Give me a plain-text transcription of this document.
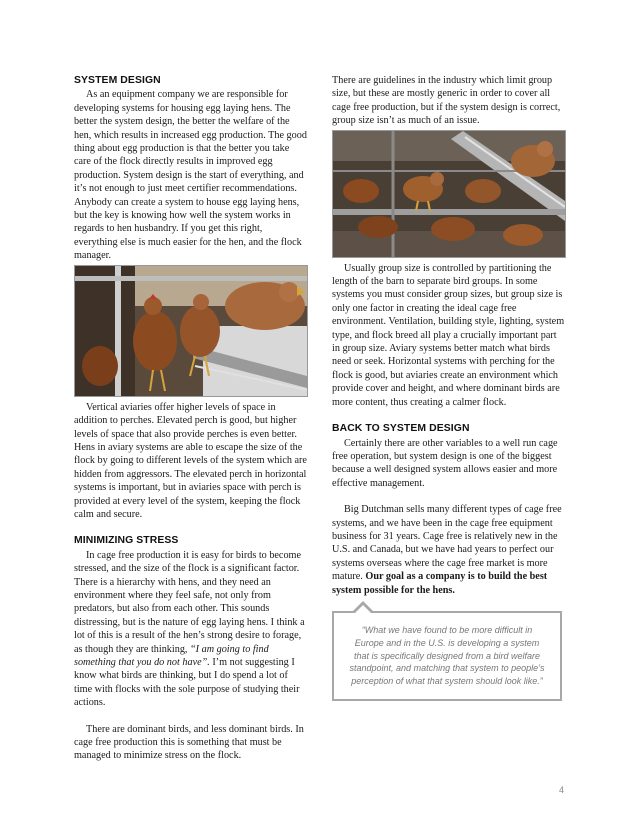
SYSTEM DESIGN

As an equipment company we are responsible for developing systems for housing egg laying hens. The better the system design, the better the welfare of the hen, which results in increased egg production. The good thing about egg production is that the better you take care of the flock directly results in improved egg production. System design is the start of everything, and it’s not enough to just meet certifier recommendations. Anybody can create a system to house egg laying hens, but the key is knowing how well the system works in regards to hen husbandry. If you get this right, everything else is much easier for the hen, and the flock manager.

Vertical aviaries offer higher levels of space in addition to perches. Elevated perch is good, but higher levels of space that also provide perches is even better. Hens in aviary systems are able to escape the size of the flock by going to different levels of the system which are hidden from aggressors. The elevated perch in horizontal systems is important, but in aviaries space with perch is provided at every level of the system, keeping the flock calm and secure.

MINIMIZING STRESS

In cage free production it is easy for birds to become stressed, and the size of the flock is a significant factor. There is a hierarchy with hens, and they need an environment where they feel safe, not only from predators, but also from each other. This sounds distressing, but is the nature of egg laying hens. I think a lot of this is a result of the hen’s strong desire to forage, as though they are thinking, “I am going to find something that you do not have”. I’m not suggesting I know what birds are thinking, but I do spend a lot of time with flocks with the sole purpose of studying their actions.

There are dominant birds, and less dominant birds. In cage free production this is something that must be managed to minimize stress on the flock.

There are guidelines in the industry which limit group size, but these are mostly generic in order to cover all cage free production, but if the system design is correct, group size isn’t as much of an issue.

Usually group size is controlled by partitioning the length of the barn to separate bird groups. In some systems you must consider group sizes, but group size is only one factor in creating the ideal cage free environment. Ventilation, building style, lighting, system type, and flock breed all play a crucially important part in group size. Aviary systems better match what birds need or seek. Horizontal systems with perching for the flock is good, but aviaries create an environment which provide cover and height, and where dominant birds are more content, thus creating a calmer flock.

BACK TO SYSTEM DESIGN

Certainly there are other variables to a well run cage free operation, but system design is one of the biggest because a well designed system allows easier and more effective management.

Big Dutchman sells many different types of cage free systems, and we have been in the cage free equipment business for 31 years. Cage free is relatively new in the U.S. and Canada, but we have had years to perfect our systems overseas where the cage free market is more mature. Our goal as a company is to build the best system possible for the hens.

“What we have found to be more difficult in Europe and in the U.S. is developing a system that is specifically designed from a bird welfare standpoint, and matching that system to people’s perception of what that system should look like.”
4
